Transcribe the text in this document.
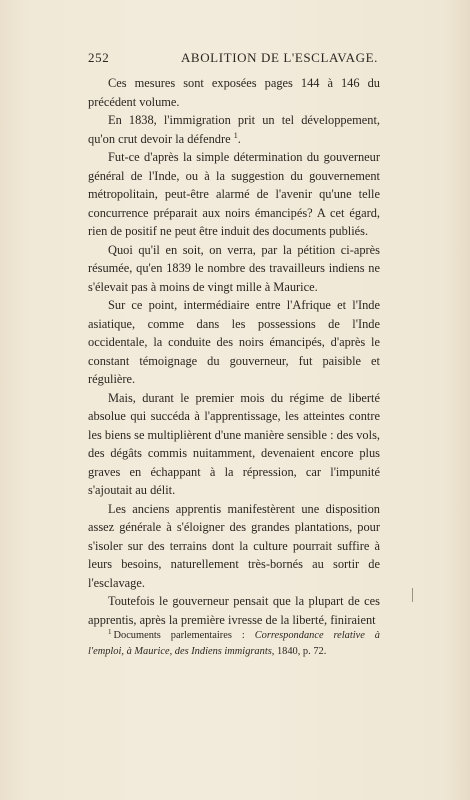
252	ABOLITION DE L'ESCLAVAGE.

Ces mesures sont exposées pages 144 à 146 du précédent volume.

En 1838, l'immigration prit un tel développement, qu'on crut devoir la défendre $^1$.

Fut-ce d'après la simple détermination du gouverneur général de l'Inde, ou à la suggestion du gouvernement métropolitain, peut-être alarmé de l'avenir qu'une telle concurrence préparait aux noirs émancipés? A cet égard, rien de positif ne peut être induit des documents publiés.

Quoi qu'il en soit, on verra, par la pétition ci-après résumée, qu'en 1839 le nombre des travailleurs indiens ne s'élevait pas à moins de vingt mille à Maurice.

Sur ce point, intermédiaire entre l'Afrique et l'Inde asiatique, comme dans les possessions de l'Inde occidentale, la conduite des noirs émancipés, d'après le constant témoignage du gouverneur, fut paisible et régulière.

Mais, durant le premier mois du régime de liberté absolue qui succéda à l'apprentissage, les atteintes contre les biens se multiplièrent d'une manière sensible : des vols, des dégâts commis nuitamment, devenaient encore plus graves en échappant à la répression, car l'impunité s'ajoutait au délit.

Les anciens apprentis manifestèrent une disposition assez générale à s'éloigner des grandes plantations, pour s'isoler sur des terrains dont la culture pourrait suffire à leurs besoins, naturellement très-bornés au sortir de l'esclavage.

Toutefois le gouverneur pensait que la plupart de ces apprentis, après la première ivresse de la liberté, finiraient

$^1$ Documents parlementaires : Correspondance relative à l'emploi, à Maurice, des Indiens immigrants, 1840, p. 72.
